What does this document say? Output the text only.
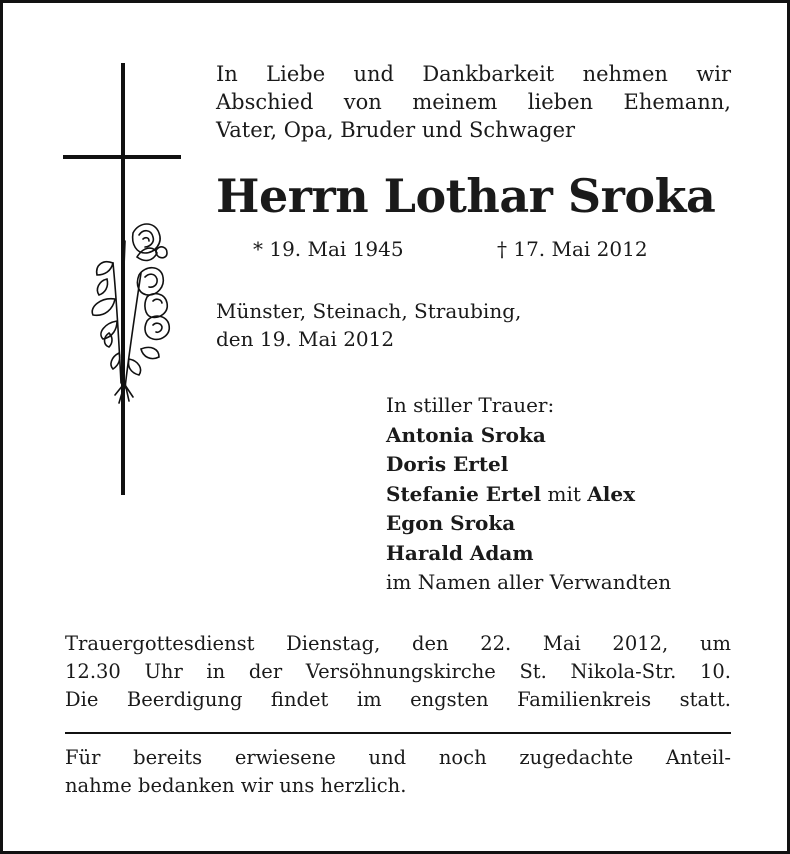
In Liebe und Dankbarkeit nehmen wir
Abschied von meinem lieben Ehemann,
Vater, Opa, Bruder und Schwager
Herrn Lothar Sroka
* 19. Mai 1945	† 17. Mai 2012
Münster, Steinach, Straubing,
den 19. Mai 2012
In stiller Trauer:
Antonia Sroka
Doris Ertel
Stefanie Ertel mit Alex
Egon Sroka
Harald Adam
im Namen aller Verwandten
Trauergottesdienst Dienstag, den 22. Mai 2012, um
12.30 Uhr in der Versöhnungskirche St. Nikola-Str. 10.
Die Beerdigung findet im engsten Familienkreis statt.
Für bereits erwiesene und noch zugedachte Anteil-
nahme bedanken wir uns herzlich.
